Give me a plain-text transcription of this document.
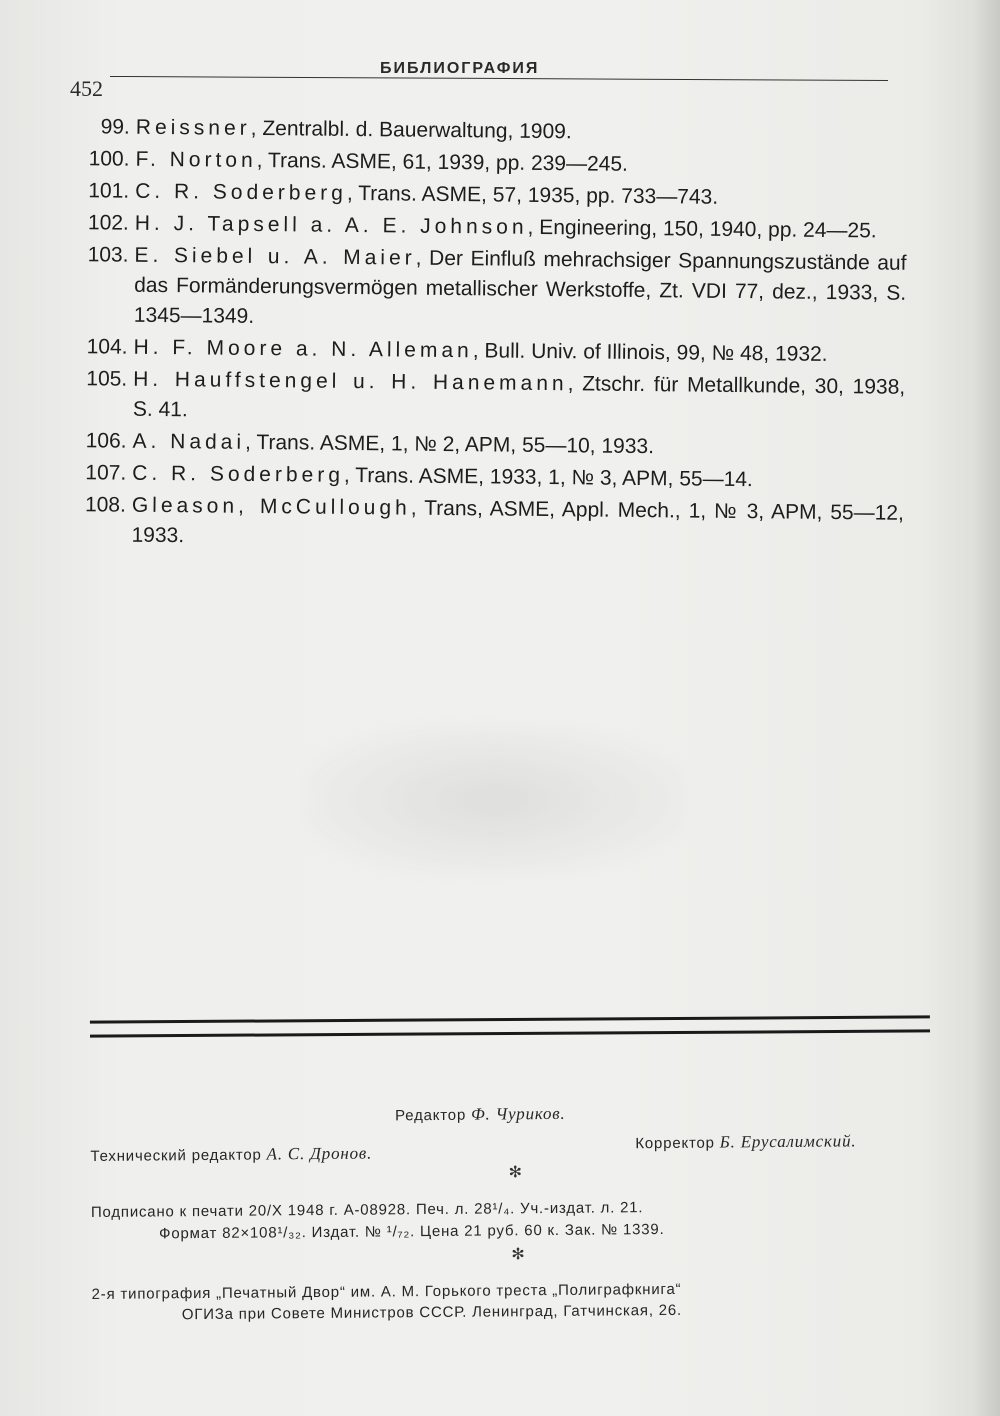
452
БИБЛИОГРАФИЯ
99. Reissner, Zentralbl. d. Bauerwaltung, 1909.
100. F. Norton, Trans. ASME, 61, 1939, pp. 239—245.
101. C. R. Soderberg, Trans. ASME, 57, 1935, pp. 733—743.
102. H. J. Tapsell a. A. E. Johnson, Engineering, 150, 1940, pp. 24—25.
103. E. Siebel u. A. Maier, Der Einfluß mehrachsiger Spannungszustände auf das Formänderungsvermögen metallischer Werkstoffe, Zt. VDI 77, dez., 1933, S. 1345—1349.
104. H. F. Moore a. N. Alleman, Bull. Univ. of Illinois, 99, № 48, 1932.
105. H. Hauffstengel u. H. Hanemann, Ztschr. für Metallkunde, 30, 1938, S. 41.
106. A. Nadai, Trans. ASME, 1, № 2, APM, 55—10, 1933.
107. C. R. Soderberg, Trans. ASME, 1933, 1, № 3, APM, 55—14.
108. Gleason, McCullough, Trans, ASME, Appl. Mech., 1, № 3, APM, 55—12, 1933.
Редактор Ф. Чуриков.
Технический редактор А. С. Дронов.
Корректор Б. Ерусалимский.
✻
Подписано к печати 20/X 1948 г. А-08928. Печ. л. 28¹/₄. Уч.-издат. л. 21.
Формат 82×108¹/₃₂. Издат. № ¹/₇₂. Цена 21 руб. 60 к. Зак. № 1339.
✻
2-я типография „Печатный Двор“ им. А. М. Горького треста „Полиграфкнига“
ОГИЗа при Совете Министров СССР. Ленинград, Гатчинская, 26.
